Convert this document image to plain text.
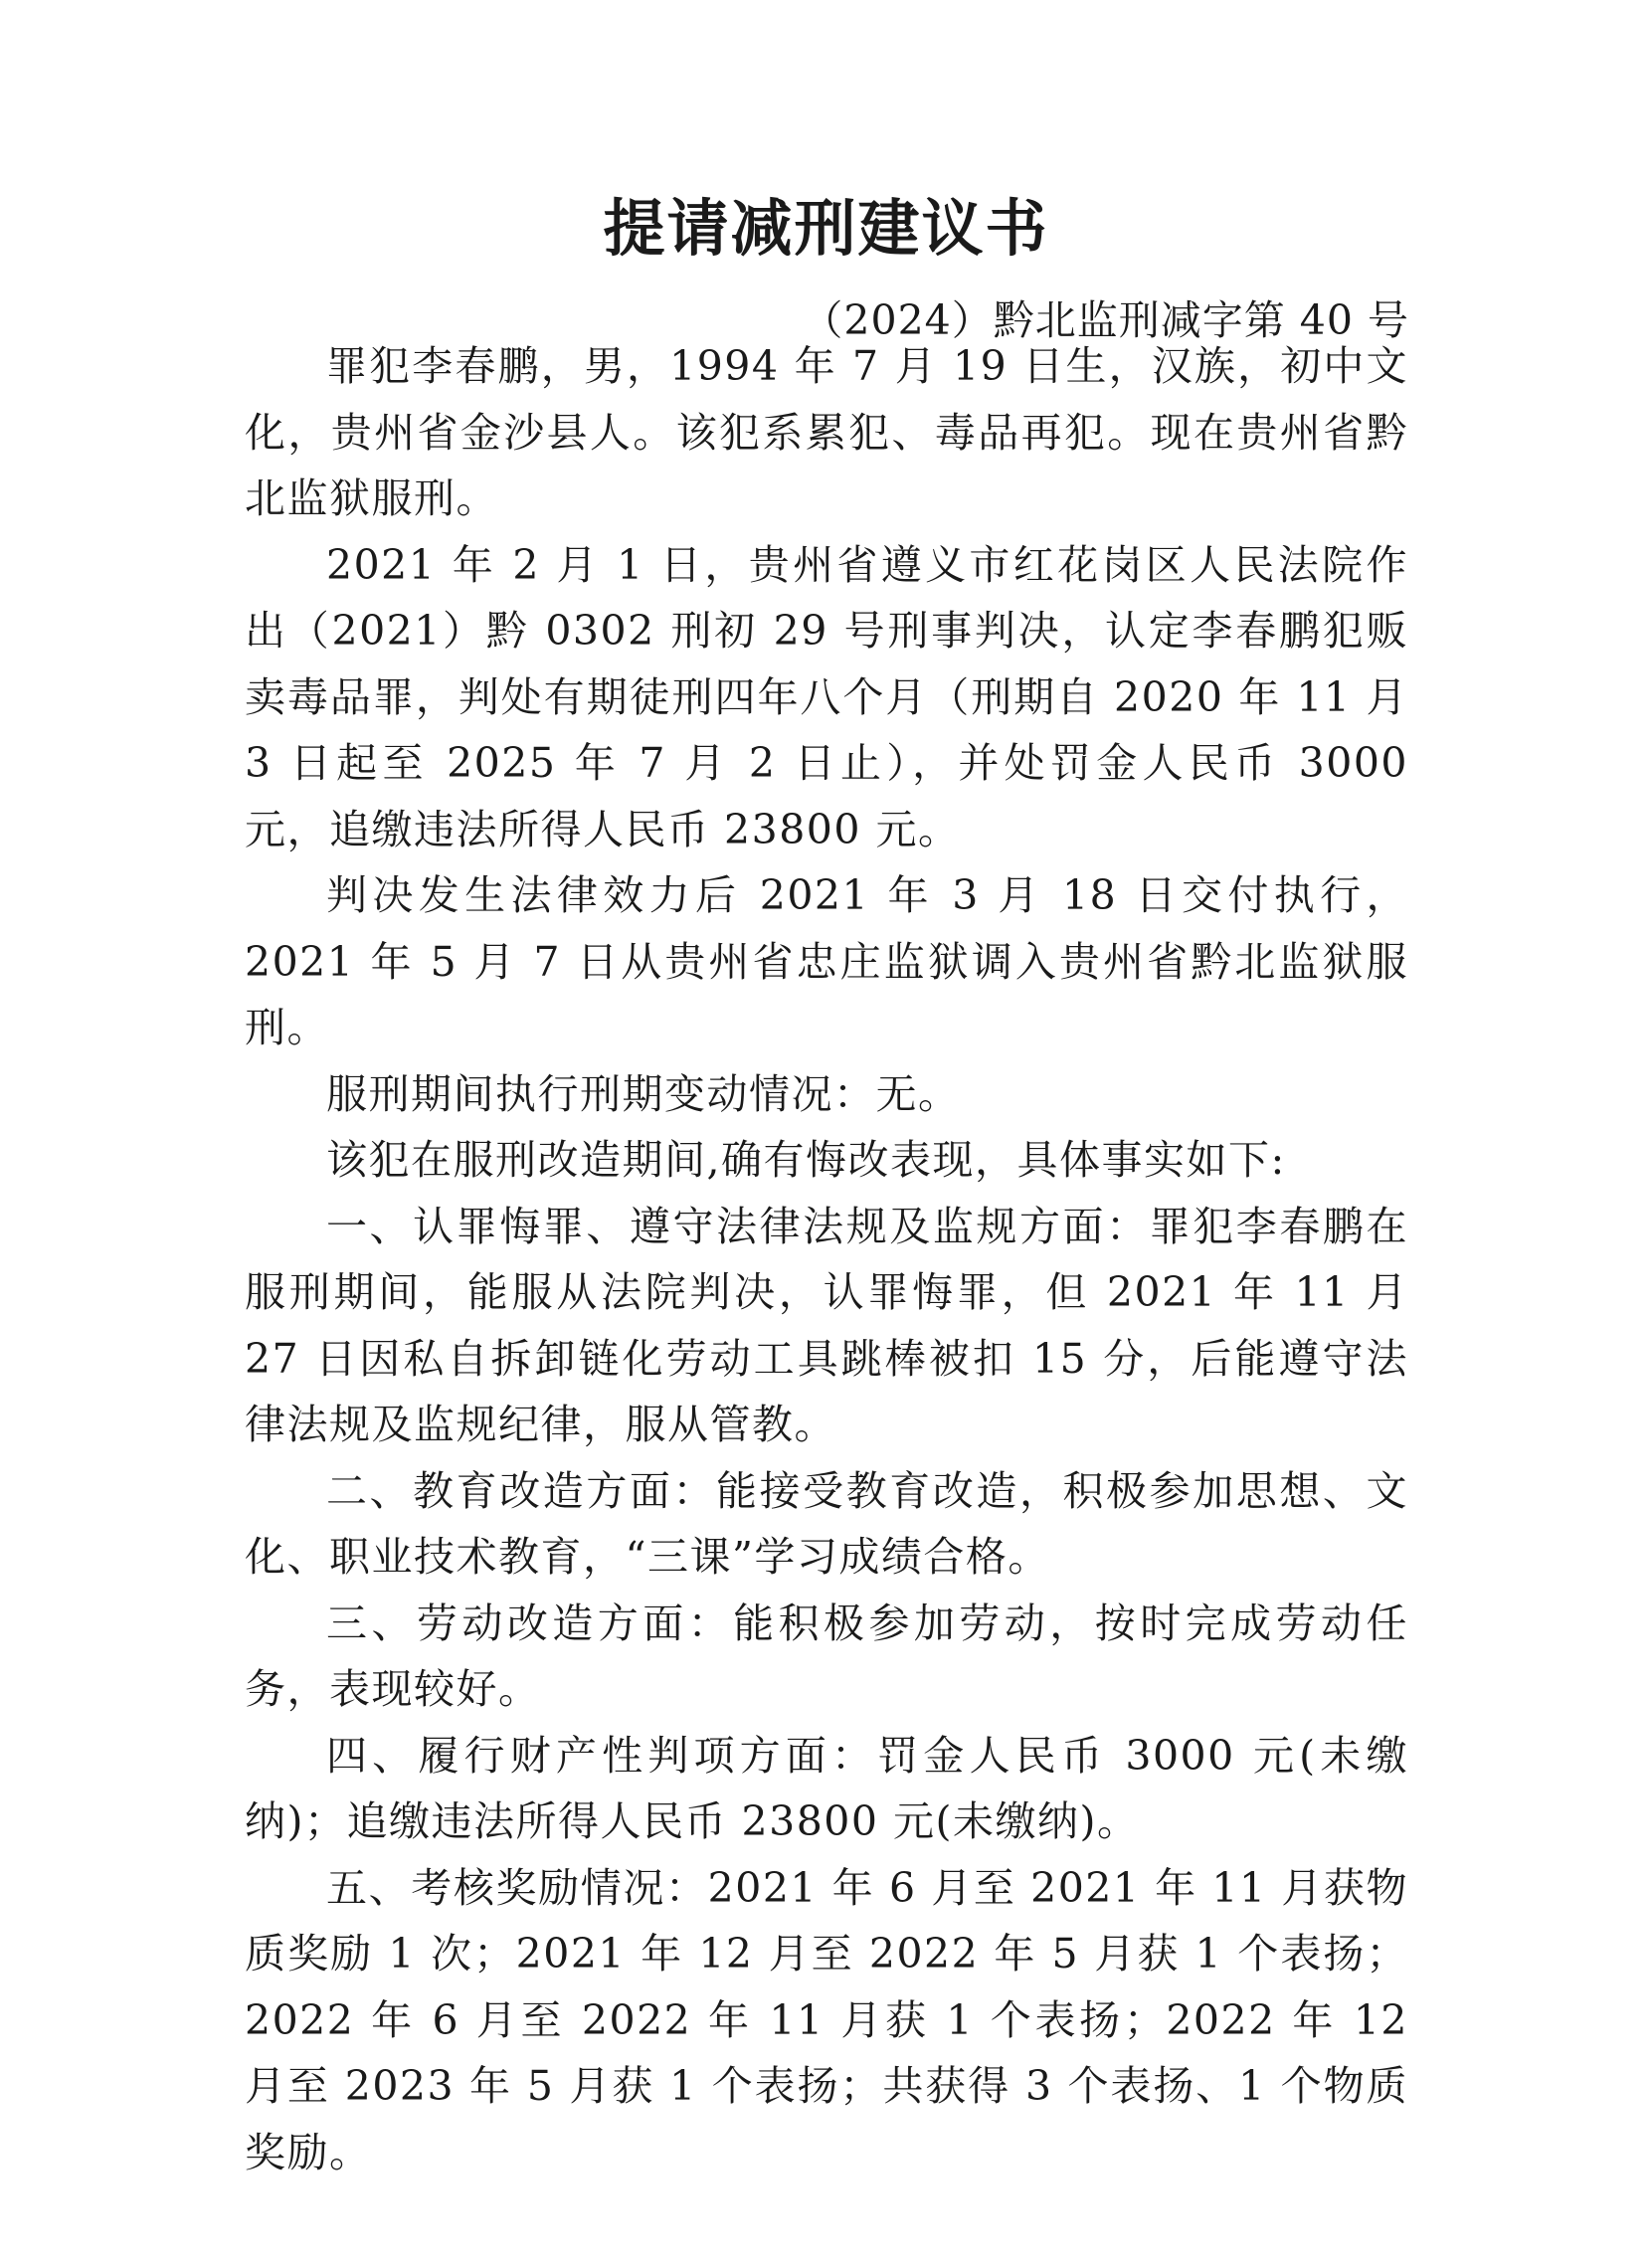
提请减刑建议书
（2024）黔北监刑减字第 40 号

罪犯李春鹏，男，1994 年 7 月 19 日生，汉族，初中文化，贵州省金沙县人。该犯系累犯、毒品再犯。现在贵州省黔北监狱服刑。

2021 年 2 月 1 日，贵州省遵义市红花岗区人民法院作出（2021）黔 0302 刑初 29 号刑事判决，认定李春鹏犯贩卖毒品罪，判处有期徒刑四年八个月（刑期自 2020 年 11 月 3 日起至 2025 年 7 月 2 日止），并处罚金人民币 3000 元，追缴违法所得人民币 23800 元。

判决发生法律效力后 2021 年 3 月 18 日交付执行，2021 年 5 月 7 日从贵州省忠庄监狱调入贵州省黔北监狱服刑。

服刑期间执行刑期变动情况：无。

该犯在服刑改造期间,确有悔改表现，具体事实如下:

一、认罪悔罪、遵守法律法规及监规方面：罪犯李春鹏在服刑期间，能服从法院判决，认罪悔罪，但 2021 年 11 月 27 日因私自拆卸链化劳动工具跳棒被扣 15 分，后能遵守法律法规及监规纪律，服从管教。

二、教育改造方面：能接受教育改造，积极参加思想、文化、职业技术教育，“三课”学习成绩合格。

三、劳动改造方面：能积极参加劳动，按时完成劳动任务，表现较好。

四、履行财产性判项方面：罚金人民币 3000 元(未缴纳)；追缴违法所得人民币 23800 元(未缴纳)。

五、考核奖励情况：2021 年 6 月至 2021 年 11 月获物质奖励 1 次；2021 年 12 月至 2022 年 5 月获 1 个表扬；2022 年 6 月至 2022 年 11 月获 1 个表扬；2022 年 12 月至 2023 年 5 月获 1 个表扬；共获得 3 个表扬、1 个物质奖励。
